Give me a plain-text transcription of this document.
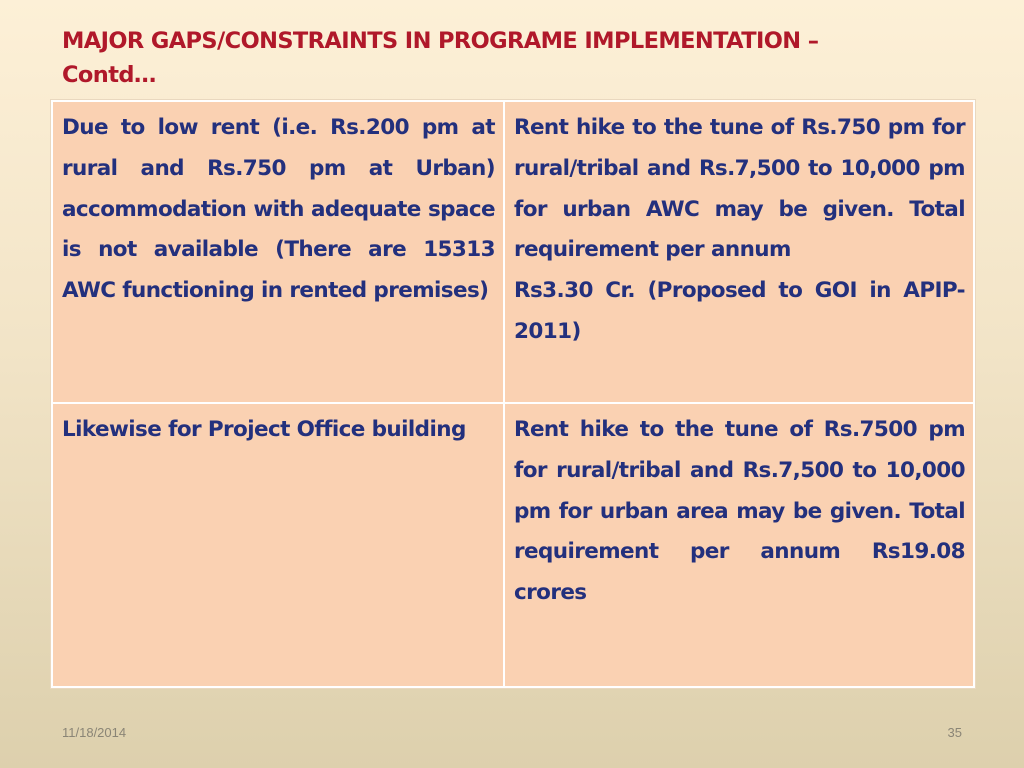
MAJOR GAPS/CONSTRAINTS IN PROGRAME IMPLEMENTATION –
Contd…
Due to low rent (i.e. Rs.200 pm at rural and Rs.750 pm at Urban) accommodation with adequate space is not available (There are 15313 AWC functioning in rented premises)	Rent hike to the tune of Rs.750 pm for rural/tribal and Rs.7,500 to 10,000 pm for urban AWC may be given. Total requirement per annum
Rs3.30 Cr. (Proposed to GOI in APIP-2011)

Likewise for Project Office building	Rent hike to the tune of Rs.7500 pm for rural/tribal and Rs.7,500 to 10,000 pm for urban area may be given. Total requirement per annum Rs19.08 crores
11/18/2014	35
